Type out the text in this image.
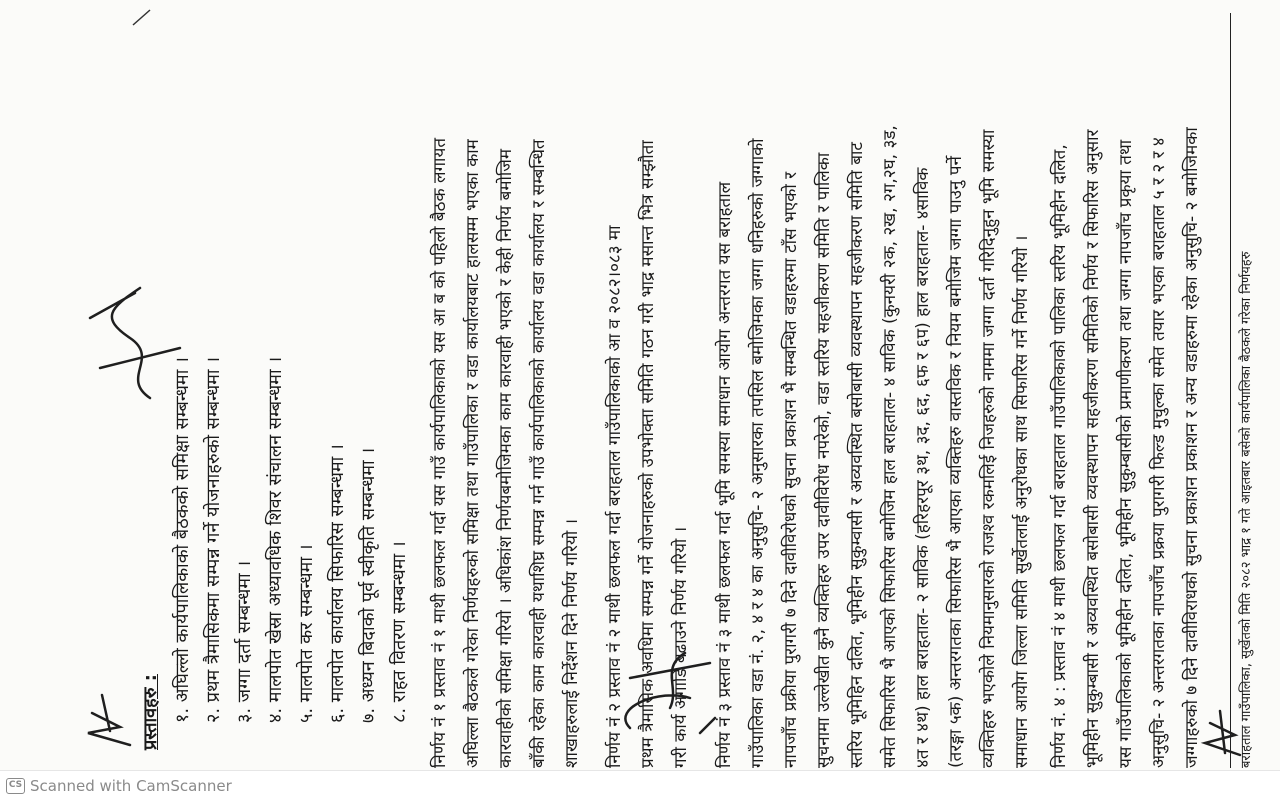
प्रस्तावहरु : १. अघिल्लो कार्यपालिकाको बैठकको समिक्षा सम्बन्धमा । २. प्रथम त्रैमासिकमा सम्पन्न गर्ने योजनाहरुको सम्बन्धमा । ३. जग्गा दर्ता सम्बन्धमा । ४. मालपोत खेस्रा अध्यावधिक शिवर संचालन सम्बन्धमा । ५. मालपोत कर सम्बन्धमा । ६. मालपोत कार्यालय सिफारिस सम्बन्धमा । ७. अध्यन बिदाको पूर्व स्वीकृति सम्बन्धमा । ८. राहत वितरण सम्बन्धमा । निर्णय नं १ प्रस्ताव नं १ माथी छलफल गर्दा यस गाउँ कार्यपालिकाको यस आ ब को पहिलो बैठक लगायत अघिल्ला बैठकले गरेका निर्णयहरुको समिक्षा तथा गाउँपालिका र वडा कार्यालयबाट हालसम्म भएका काम कारवाहीको समिक्षा गरियो । अधिकांश निर्णयबमोजिमका काम कारवाही भएको र केही निर्णय बमोजिम बाँकी रहेका काम कारवाही यथाशिघ्र सम्पन्न गर्न गाउँ कार्यपालिकाको कार्यालय वडा कार्यालय र सम्बन्धित शाखाहरुलाई निर्देशन दिने निर्णय गरियो । निर्णय नं २ प्रस्ताव नं २ माथी छलफल गर्दा बराहताल गाउँपालिकाको आ व २०८२।०८३ मा प्रथम त्रैमासिक अवधिमा सम्पन्न गर्ने योजनाहरुको उपभोक्ता समिति गठन गरी भाद्र मसान्त भित्र सम्झौता गरी कार्य अगाडि बढाउने निर्णय गरियो । निर्णय नं ३ प्रस्ताव नं ३ माथी छलफल गर्दा भूमि समस्या समाधान आयोग अन्तरगत यस बराहताल गाउँपालिका वडा नं. २, ४ र ४ का अनुसुचि- २ अनुसारका तपसिल बमोजिमका जग्गा धनिहरुको जग्गाको नापजाँच प्रक्रीया पुरागरी ७ दिने दावीविरोधको सुचना प्रकाशन भै सम्बन्धित वडाहरुमा टाँस भएको र सुचनामा उल्लेखीत कुनै व्यक्तिहरु उपर दावीविरोध नपरेको, वडा स्तरिय सहजीकरण समिति र पालिका स्तरिय भूमिहिन दलित, भूमिहीन सुकुम्वासी र अव्यवस्थित बसोबासी व्यवस्थापन सहजीकरण समिति बाट समेत सिफारिस भै आएको सिफारिस बमोजिम हाल बराहताल- ४ साविक (कुनयरी २क, २ख, २ग,२घ, ३ड, ४त र ४थ) हाल बराहताल- २ साविक (हरिहरपूर ३थ, ३द, ६द, ६फ र ६प) हाल बराहताल- ४साविक (तरङ्गा ५क) अन्तरगतका सिफारिस भै आएका व्यक्तिहरु वास्तविक र नियम बमोजिम जग्गा पाउनु पर्ने व्यक्तिहरु भएकोले नियमानुसारको राजश्व रकमलिई निजहरुको नाममा जग्गा दर्ता गरिदिनुहुन भूमि समस्या समाधान आयोग जिल्ला समिति सुर्खेतलाई अनुरोधका साथ सिफारिस गर्ने निर्णय गरियो । निर्णय नं. ४ : प्रस्ताव नं ४ माथी छलफल गर्दा बराहताल गाउँपालिकाको पालिका स्तरिय भूमिहीन दलित, भूमिहीन सुकुम्बासी र अव्यवस्थित बसोबासी व्यवस्थापन सहजीकरण समितिको निर्णय र सिफारिस अनुसार यस गाउँपालिकाको भूमिहीन दलित, भूमिहीन सुकुम्बासीको प्रमाणीकरण तथा जग्गा नापजाँच प्रकृया तथा अनुसुचि- २ अन्तरगतका नापजाँच प्रक्रया पुरागरी फिल्ड मुचुल्का समेत तयार भएका बराहताल ५ र २ र ४ जग्गाहरुको ७ दिने दावीविराधको सुचना प्रकाशन प्रकाशन र अन्य वडाहरुमा रहेका अनुसुचि- २ बमोजिमका	बराहताल गाउँपालिका, सुर्खेतको मिति २०८२ भाद्र १ गते आइतबार बसेको कार्यपालिका बैठकले गरेका निर्णयहरु
CS Scanned with CamScanner
